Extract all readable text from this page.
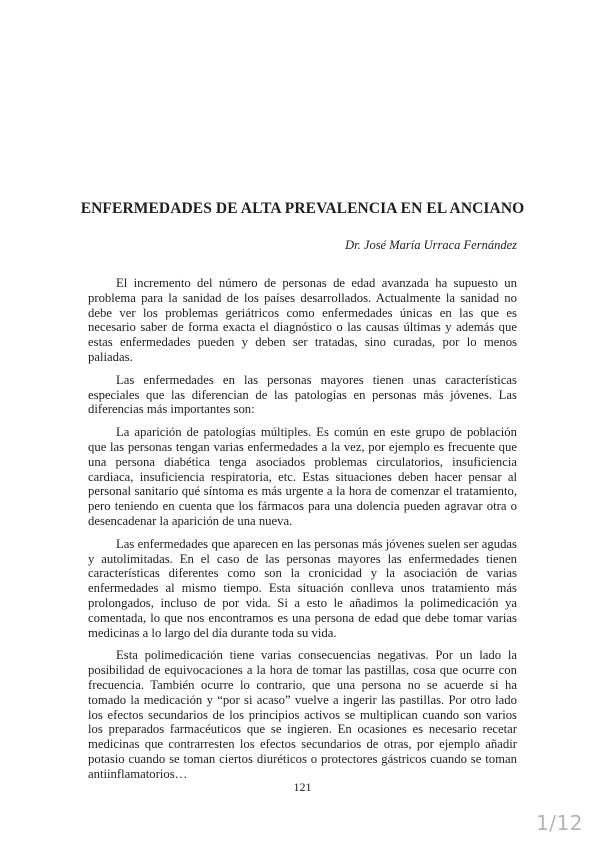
ENFERMEDADES DE ALTA PREVALENCIA EN EL ANCIANO

Dr. José María Urraca Fernández

El incremento del número de personas de edad avanzada ha supuesto un problema para la sanidad de los países desarrollados. Actualmente la sanidad no debe ver los problemas geriátricos como enfermedades únicas en las que es necesario saber de forma exacta el diagnóstico o las causas últimas y además que estas enfermedades pueden y deben ser tratadas, sino curadas, por lo menos paliadas.

Las enfermedades en las personas mayores tienen unas características especiales que las diferencian de las patologías en personas más jóvenes. Las diferencias más importantes son:

La aparición de patologías múltiples. Es común en este grupo de población que las personas tengan varias enfermedades a la vez, por ejemplo es frecuente que una persona diabética tenga asociados problemas circulatorios, insuficiencia cardiaca, insuficiencia respiratoria, etc. Estas situaciones deben hacer pensar al personal sanitario qué síntoma es más urgente a la hora de comenzar el tratamiento, pero teniendo en cuenta que los fármacos para una dolencia pueden agravar otra o desencadenar la aparición de una nueva.

Las enfermedades que aparecen en las personas más jóvenes suelen ser agudas y autolimitadas. En el caso de las personas mayores las enfermedades tienen características diferentes como son la cronicidad y la asociación de varias enfermedades al mismo tiempo. Esta situación conlleva unos tratamiento más prolongados, incluso de por vida. Si a esto le añadimos la polimedicación ya comentada, lo que nos encontramos es una persona de edad que debe tomar varias medicinas a lo largo del día durante toda su vida.

Esta polimedicación tiene varias consecuencias negativas. Por un lado la posibilidad de equivocaciones a la hora de tomar las pastillas, cosa que ocurre con frecuencia. También ocurre lo contrario, que una persona no se acuerde si ha tomado la medicación y “por si acaso” vuelve a ingerir las pastillas. Por otro lado los efectos secundarios de los principios activos se multiplican cuando son varios los preparados farmacéuticos que se ingieren. En ocasiones es necesario recetar medicinas que contrarresten los efectos secundarios de otras, por ejemplo añadir potasio cuando se toman ciertos diuréticos o protectores gástricos cuando se toman antiinflamatorios…

121

1/12
